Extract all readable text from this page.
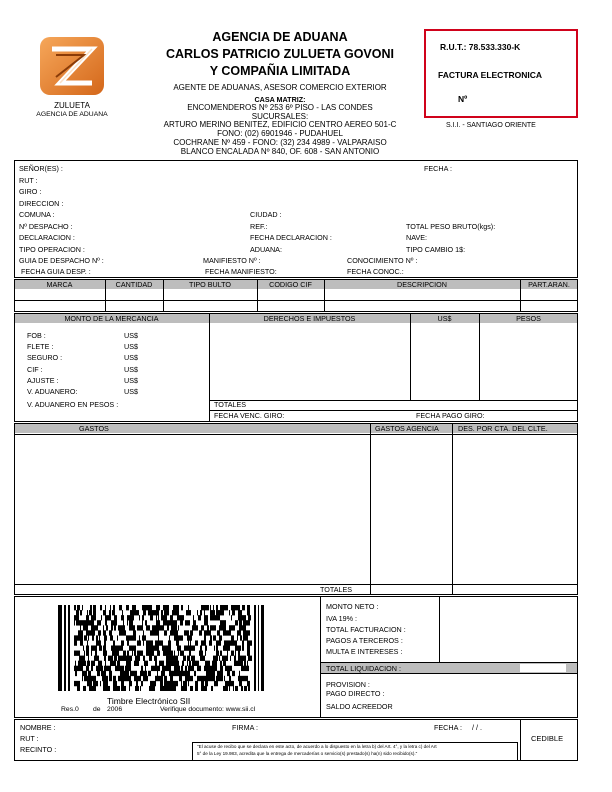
ZULUETA
AGENCIA DE ADUANA
AGENCIA DE ADUANA
CARLOS PATRICIO ZULUETA GOVONI
Y COMPAÑIA LIMITADA
AGENTE DE ADUANAS, ASESOR COMERCIO EXTERIOR
CASA MATRIZ:
ENCOMENDEROS Nº 253 6º PISO - LAS CONDES
SUCURSALES:
ARTURO MERINO BENITEZ, EDIFICIO CENTRO AEREO 501-C
FONO: (02) 6901946 - PUDAHUEL
COCHRANE Nº 459 - FONO: (32) 234 4989 - VALPARAISO
BLANCO ENCALADA Nº 840, OF. 608 - SAN ANTONIO
R.U.T.: 78.533.330-K
FACTURA ELECTRONICA
Nº
S.I.I. - SANTIAGO ORIENTE
SEÑOR(ES) :	FECHA :
RUT :
GIRO :
DIRECCION :
COMUNA :	CIUDAD :
Nº DESPACHO :	REF.:	TOTAL PESO BRUTO(kgs):
DECLARACION :	FECHA DECLARACION :	NAVE:
TIPO OPERACION :	ADUANA:	TIPO CAMBIO 1$:
GUIA DE DESPACHO Nº :	MANIFIESTO Nº :	CONOCIMIENTO Nº :
FECHA GUIA DESP. :	FECHA MANIFIESTO:	FECHA CONOC.:
MARCA	CANTIDAD	TIPO BULTO	CODIGO CIF	DESCRIPCION	PART.ARAN.
MONTO DE LA MERCANCIA	DERECHOS E IMPUESTOS	US$	PESOS
FOB :	US$
FLETE :	US$
SEGURO :	US$
CIF :	US$
AJUSTE :	US$
V. ADUANERO:	US$
V. ADUANERO EN PESOS :	TOTALES
FECHA VENC. GIRO:	FECHA PAGO GIRO:
GASTOS	GASTOS AGENCIA	DES. POR CTA. DEL CLTE.
TOTALES
Timbre Electrónico SII
Res.0 de 2006	Verifique documento: www.sii.cl
MONTO NETO :
IVA 19% :
TOTAL FACTURACION :
PAGOS A TERCEROS :
MULTA E INTERESES :
TOTAL LIQUIDACION :
PROVISION :
PAGO DIRECTO :
SALDO ACREEDOR
NOMBRE :	FIRMA :	FECHA : / / .
RUT :
RECINTO :
CEDIBLE
"El acuse de recibo que se declara en este acto, de acuerdo a lo dispuesto en la letra b) del Art. 4°, y la letra c) del Art
5° de la Ley 19.983, acredita que la entrega de mercaderías o servicio(s) prestado(s) ha(n) sido recibido(s)."
